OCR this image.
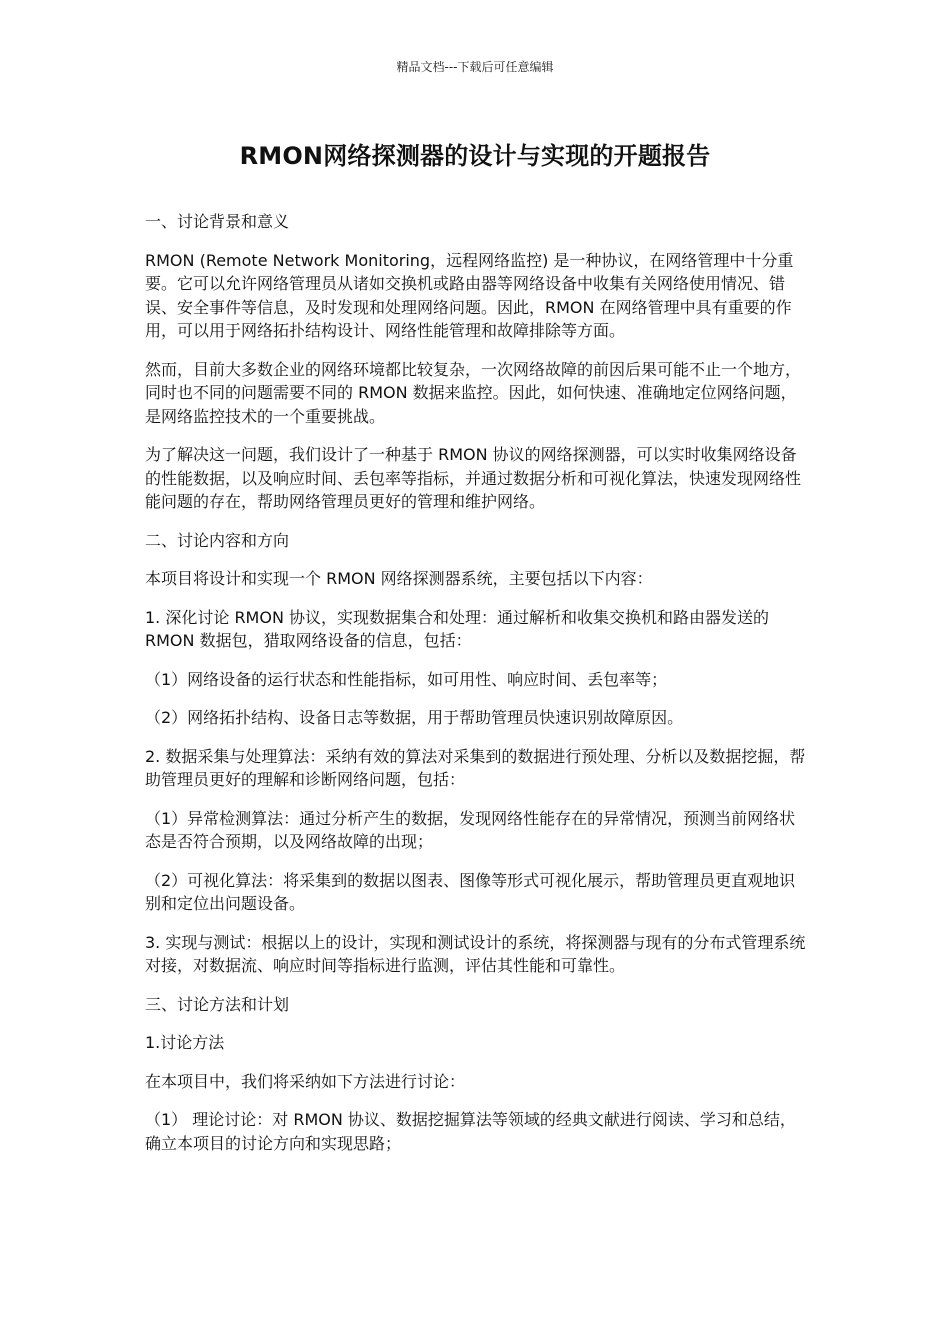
精品文档---下载后可任意编辑
RMON网络探测器的设计与实现的开题报告

一、讨论背景和意义

RMON (Remote Network Monitoring，远程网络监控) 是一种协议，在网络管理中十分重要。它可以允许网络管理员从诸如交换机或路由器等网络设备中收集有关网络使用情况、错误、安全事件等信息，及时发现和处理网络问题。因此，RMON 在网络管理中具有重要的作用，可以用于网络拓扑结构设计、网络性能管理和故障排除等方面。

然而，目前大多数企业的网络环境都比较复杂，一次网络故障的前因后果可能不止一个地方，同时也不同的问题需要不同的 RMON 数据来监控。因此，如何快速、准确地定位网络问题，是网络监控技术的一个重要挑战。

为了解决这一问题，我们设计了一种基于 RMON 协议的网络探测器，可以实时收集网络设备的性能数据，以及响应时间、丢包率等指标，并通过数据分析和可视化算法，快速发现网络性能问题的存在，帮助网络管理员更好的管理和维护网络。

二、讨论内容和方向

本项目将设计和实现一个 RMON 网络探测器系统，主要包括以下内容：

1. 深化讨论 RMON 协议，实现数据集合和处理：通过解析和收集交换机和路由器发送的 RMON 数据包，猎取网络设备的信息，包括：

（1）网络设备的运行状态和性能指标，如可用性、响应时间、丢包率等；

（2）网络拓扑结构、设备日志等数据，用于帮助管理员快速识别故障原因。

2. 数据采集与处理算法：采纳有效的算法对采集到的数据进行预处理、分析以及数据挖掘，帮助管理员更好的理解和诊断网络问题，包括：

（1）异常检测算法：通过分析产生的数据，发现网络性能存在的异常情况，预测当前网络状态是否符合预期，以及网络故障的出现；

（2）可视化算法：将采集到的数据以图表、图像等形式可视化展示，帮助管理员更直观地识别和定位出问题设备。

3. 实现与测试：根据以上的设计，实现和测试设计的系统，将探测器与现有的分布式管理系统对接，对数据流、响应时间等指标进行监测，评估其性能和可靠性。

三、讨论方法和计划

1.讨论方法

在本项目中，我们将采纳如下方法进行讨论：

（1） 理论讨论：对 RMON 协议、数据挖掘算法等领域的经典文献进行阅读、学习和总结，确立本项目的讨论方向和实现思路；
